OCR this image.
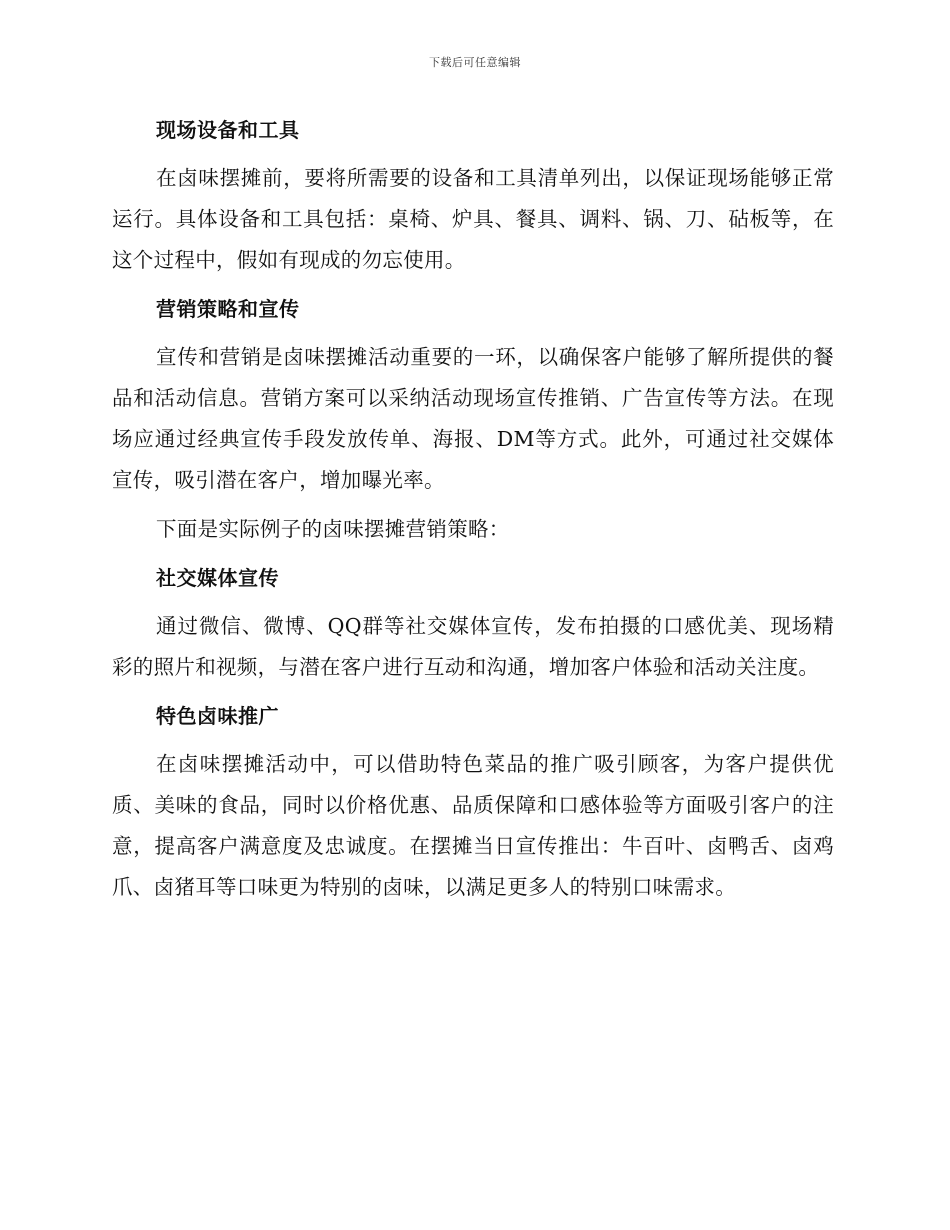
下载后可任意编辑
现场设备和工具

在卤味摆摊前，要将所需要的设备和工具清单列出，以保证现场能够正常运行。具体设备和工具包括：桌椅、炉具、餐具、调料、锅、刀、砧板等，在这个过程中，假如有现成的勿忘使用。

营销策略和宣传

宣传和营销是卤味摆摊活动重要的一环，以确保客户能够了解所提供的餐品和活动信息。营销方案可以采纳活动现场宣传推销、广告宣传等方法。在现场应通过经典宣传手段发放传单、海报、DM等方式。此外，可通过社交媒体宣传，吸引潜在客户，增加曝光率。

下面是实际例子的卤味摆摊营销策略：

社交媒体宣传

通过微信、微博、QQ群等社交媒体宣传，发布拍摄的口感优美、现场精彩的照片和视频，与潜在客户进行互动和沟通，增加客户体验和活动关注度。

特色卤味推广

在卤味摆摊活动中，可以借助特色菜品的推广吸引顾客，为客户提供优质、美味的食品，同时以价格优惠、品质保障和口感体验等方面吸引客户的注意，提高客户满意度及忠诚度。在摆摊当日宣传推出：牛百叶、卤鸭舌、卤鸡爪、卤猪耳等口味更为特别的卤味，以满足更多人的特别口味需求。
